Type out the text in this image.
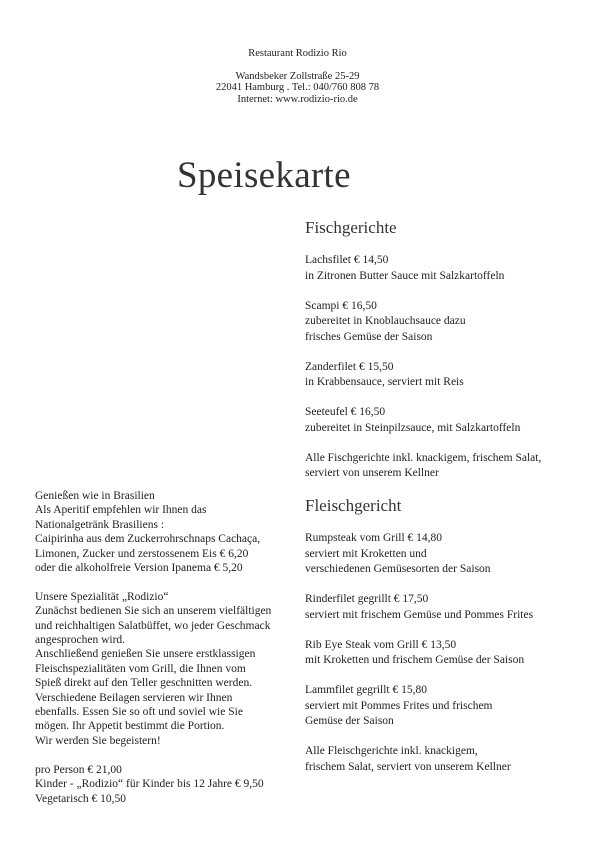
Restaurant Rodizio Rio
Wandsbeker Zollstraße 25-29
22041 Hamburg . Tel.: 040/760 808 78
Internet: www.rodizio-rio.de
Speisekarte
Fischgerichte
Lachsfilet € 14,50
in Zitronen Butter Sauce mit Salzkartoffeln
Scampi € 16,50
zubereitet in Knoblauchsauce dazu
frisches Gemüse der Saison
Zanderfilet € 15,50
in Krabbensauce, serviert mit Reis
Seeteufel € 16,50
zubereitet in Steinpilzsauce, mit Salzkartoffeln
Alle Fischgerichte inkl. knackigem, frischem Salat,
serviert von unserem Kellner
Fleischgericht
Rumpsteak vom Grill € 14,80
serviert mit Kroketten und
verschiedenen Gemüsesorten der Saison
Rinderfilet gegrillt € 17,50
serviert mit frischem Gemüse und Pommes Frites
Rib Eye Steak vom Grill € 13,50
mit Kroketten und frischem Gemüse der Saison
Lammfilet gegrillt € 15,80
serviert mit Pommes Frites und frischem
Gemüse der Saison
Alle Fleischgerichte inkl. knackigem,
frischem Salat, serviert von unserem Kellner

Genießen wie in Brasilien
Als Aperitif empfehlen wir Ihnen das
Nationalgetränk Brasiliens :
Caipirinha aus dem Zuckerrohrschnaps Cachaça,
Limonen, Zucker und zerstossenem Eis € 6,20
oder die alkoholfreie Version Ipanema € 5,20

Unsere Spezialität „Rodizio“
Zunächst bedienen Sie sich an unserem vielfältigen
und reichhaltigen Salatbüffet, wo jeder Geschmack
angesprochen wird.
Anschließend genießen Sie unsere erstklassigen
Fleischspezialitäten vom Grill, die Ihnen vom
Spieß direkt auf den Teller geschnitten werden.
Verschiedene Beilagen servieren wir Ihnen
ebenfalls. Essen Sie so oft und soviel wie Sie
mögen. Ihr Appetit bestimmt die Portion.
Wir werden Sie begeistern!

pro Person € 21,00
Kinder - „Rodizio“ für Kinder bis 12 Jahre € 9,50
Vegetarisch € 10,50
